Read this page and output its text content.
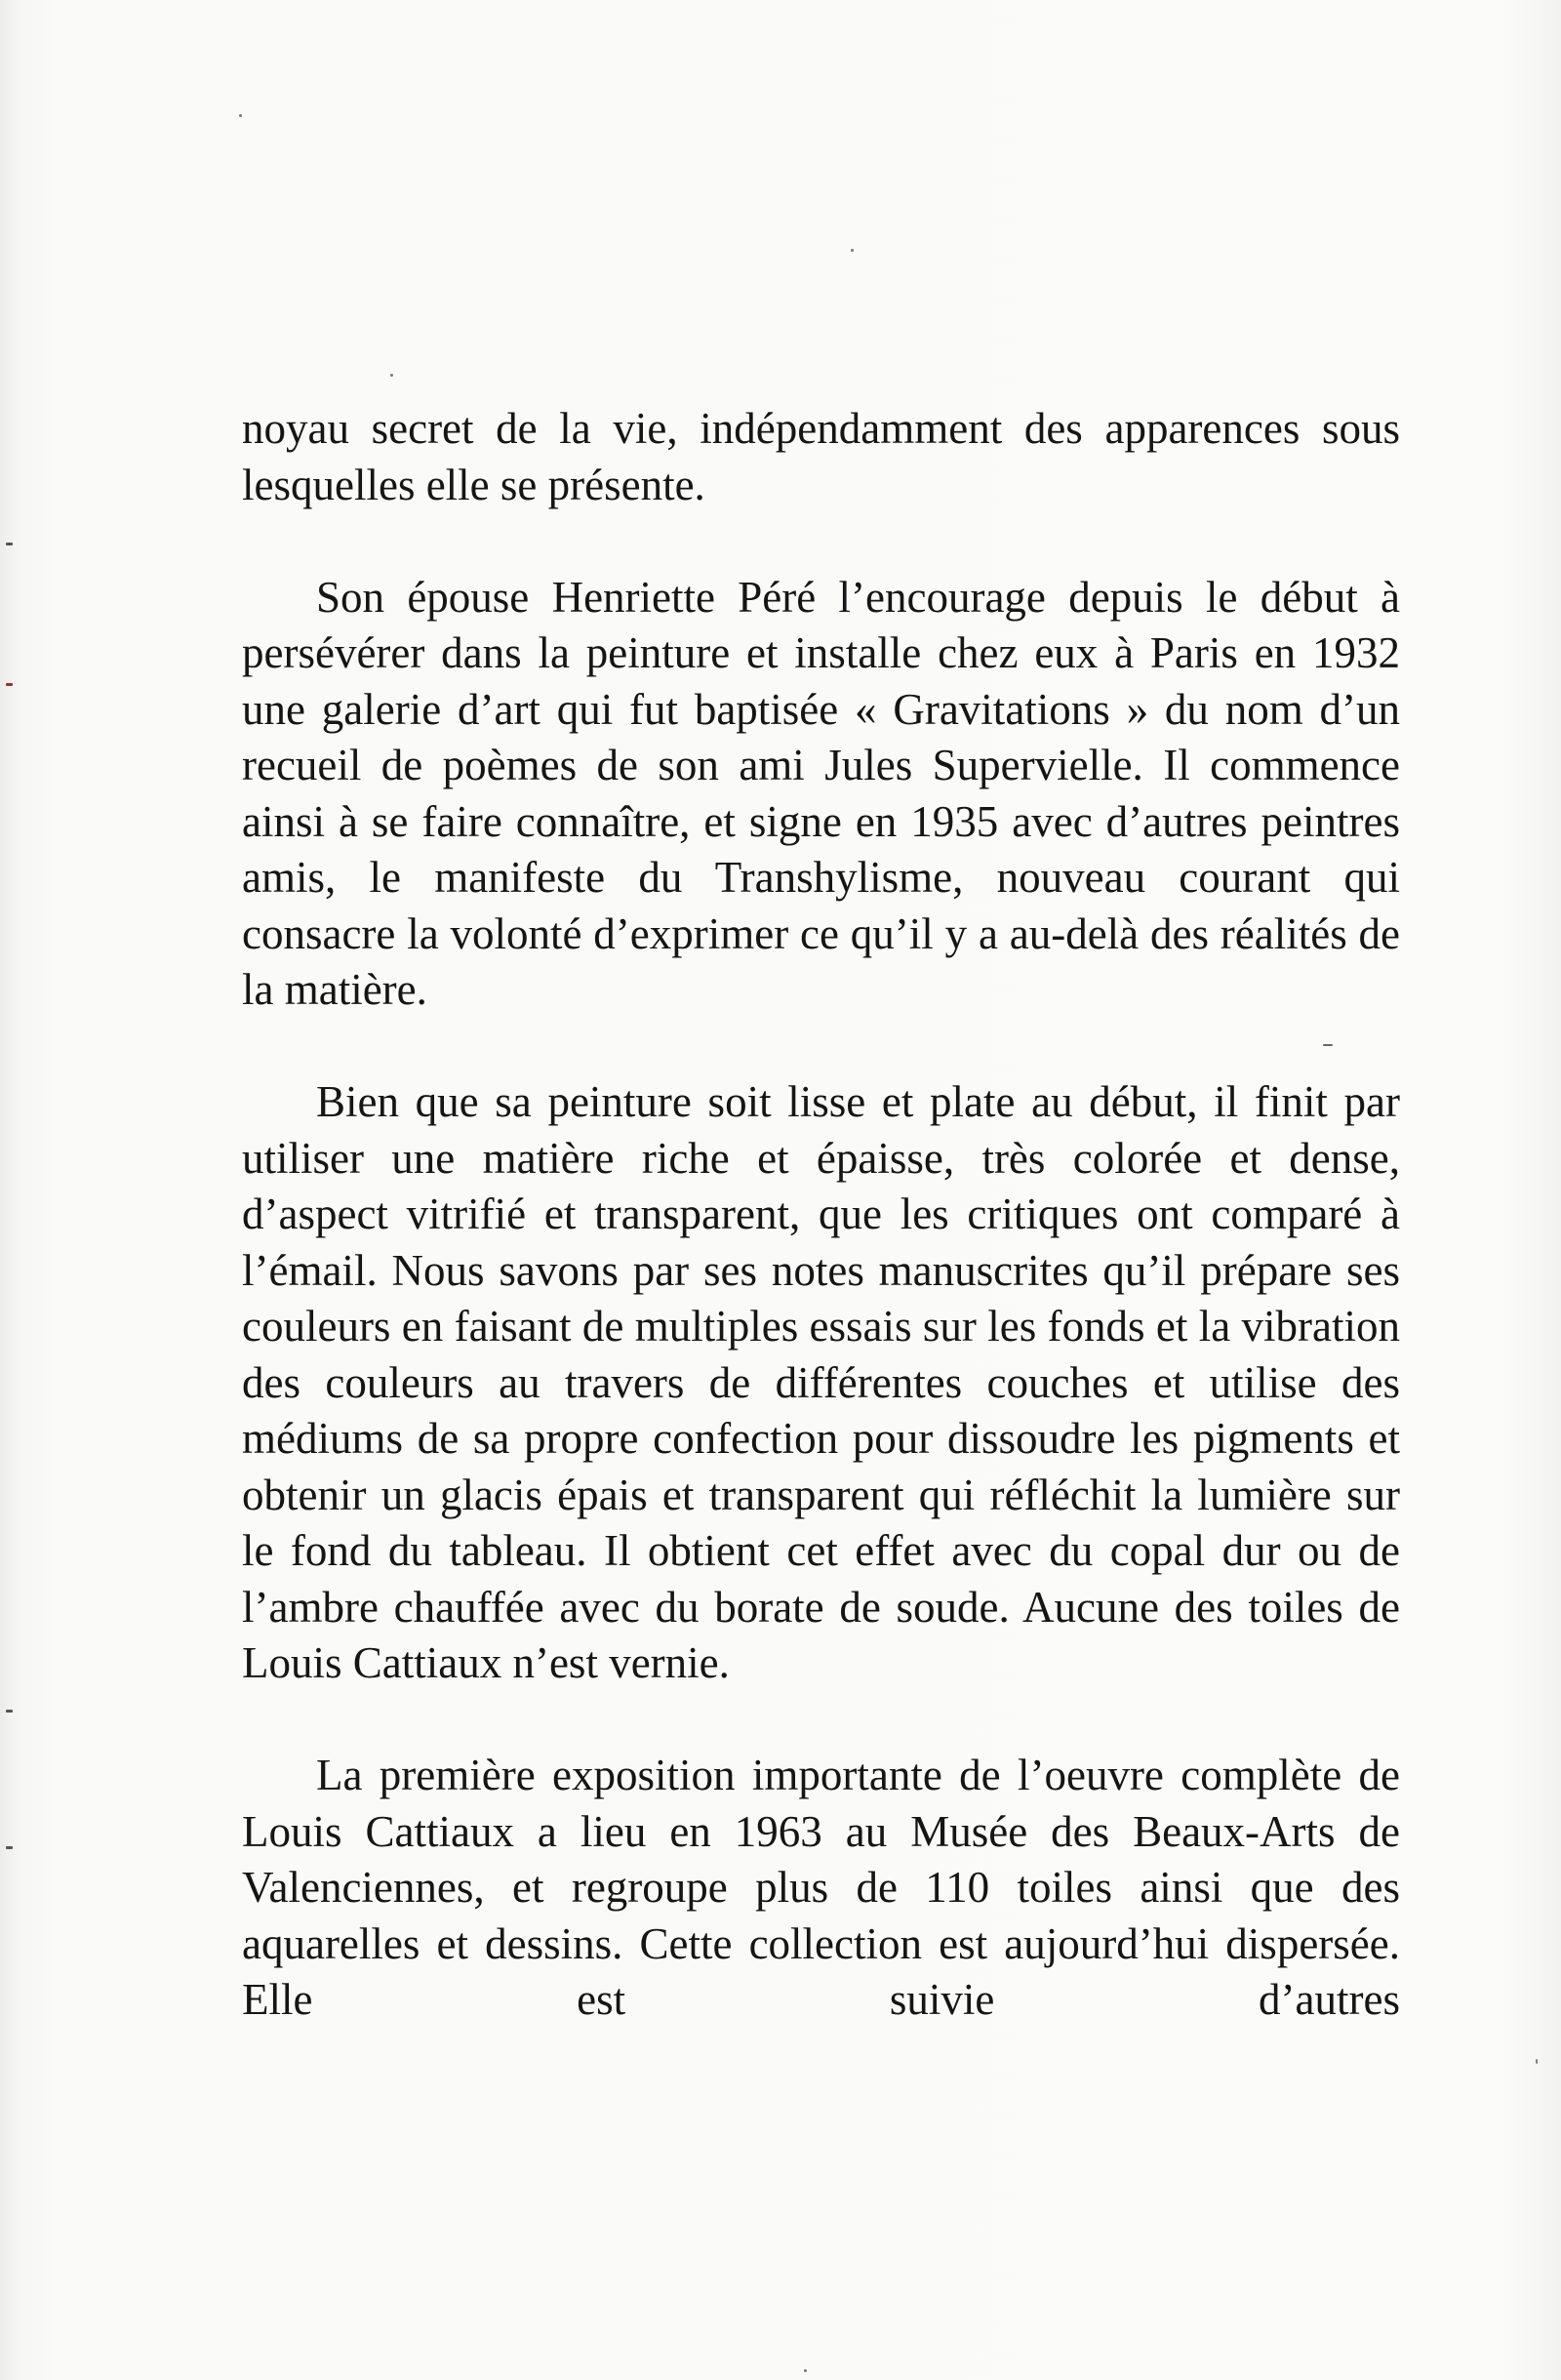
noyau secret de la vie, indépendamment des apparences sous lesquelles elle se présente.

Son épouse Henriette Péré l’encourage depuis le début à persévérer dans la peinture et installe chez eux à Paris en 1932 une galerie d’art qui fut baptisée « Gravitations » du nom d’un recueil de poèmes de son ami Jules Supervielle. Il commence ainsi à se faire connaître, et signe en 1935 avec d’autres peintres amis, le manifeste du Transhylisme, nouveau courant qui consacre la volonté d’exprimer ce qu’il y a au-delà des réalités de la matière.

Bien que sa peinture soit lisse et plate au début, il finit par utiliser une matière riche et épaisse, très colorée et dense, d’aspect vitrifié et transparent, que les critiques ont comparé à l’émail. Nous savons par ses notes manuscrites qu’il prépare ses couleurs en faisant de multiples essais sur les fonds et la vibration des couleurs au travers de différentes couches et utilise des médiums de sa propre confection pour dissoudre les pigments et obtenir un glacis épais et transparent qui réfléchit la lumière sur le fond du tableau. Il obtient cet effet avec du copal dur ou de l’ambre chauffée avec du borate de soude. Aucune des toiles de Louis Cattiaux n’est vernie.

La première exposition importante de l’oeuvre complète de Louis Cattiaux a lieu en 1963 au Musée des Beaux-Arts de Valenciennes, et regroupe plus de 110 toiles ainsi que des aquarelles et dessins. Cette collection est aujourd’hui dispersée. Elle est suivie d’autres
